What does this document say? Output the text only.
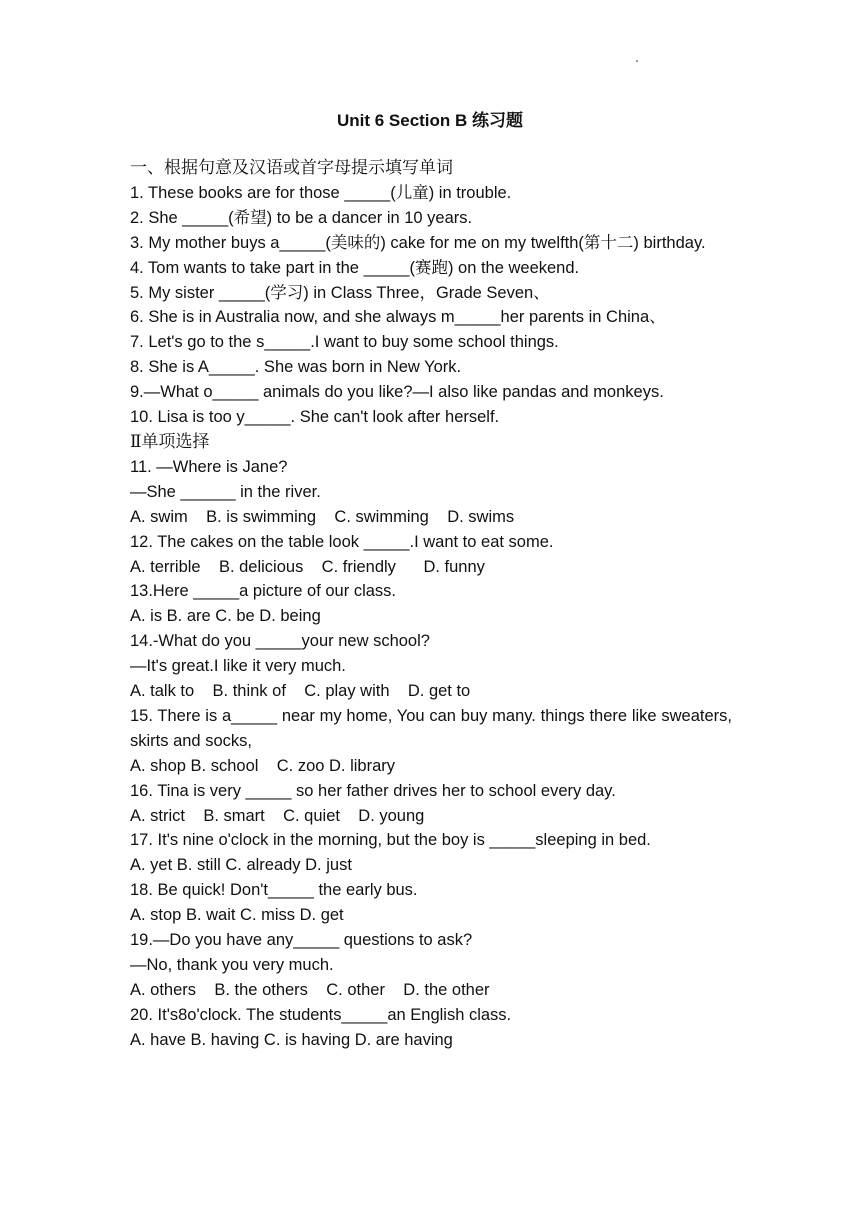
Unit 6 Section B 练习题
一、根据句意及汉语或首字母提示填写单词
1. These books are for those _____(儿童) in trouble.
2. She _____(希望) to be a dancer in 10 years.
3. My mother buys a_____(美味的) cake for me on my twelfth(第十二) birthday.
4. Tom wants to take part in the _____(赛跑) on the weekend.
5. My sister _____(学习) in Class Three，Grade Seven、
6. She is in Australia now, and she always m_____her parents in China、
7. Let's go to the s_____.I want to buy some school things.
8. She is A_____. She was born in New York.
9.—What o_____ animals do you like?—I also like pandas and monkeys.
10. Lisa is too y_____. She can't look after herself.
Ⅱ单项选择
11. —Where is Jane?
—She ______ in the river.
A. swim    B. is swimming    C. swimming    D. swims
12. The cakes on the table look _____.I want to eat some.
A. terrible    B. delicious    C. friendly      D. funny
13.Here _____a picture of our class.
A. is B. are C. be D. being
14.-What do you _____your new school?
—It's great.I like it very much.
A. talk to    B. think of    C. play with    D. get to
15. There is a_____ near my home, You can buy many. things there like sweaters, skirts and socks,
A. shop B. school    C. zoo D. library
16. Tina is very _____ so her father drives her to school every day.
A. strict    B. smart    C. quiet    D. young
17. It's nine o'clock in the morning, but the boy is _____sleeping in bed.
A. yet B. still C. already D. just
18. Be quick! Don't_____ the early bus.
A. stop B. wait C. miss D. get
19.—Do you have any_____ questions to ask?
—No, thank you very much.
A. others    B. the others    C. other    D. the other
20. It's8o'clock. The students_____an English class.
A. have B. having C. is having D. are having
